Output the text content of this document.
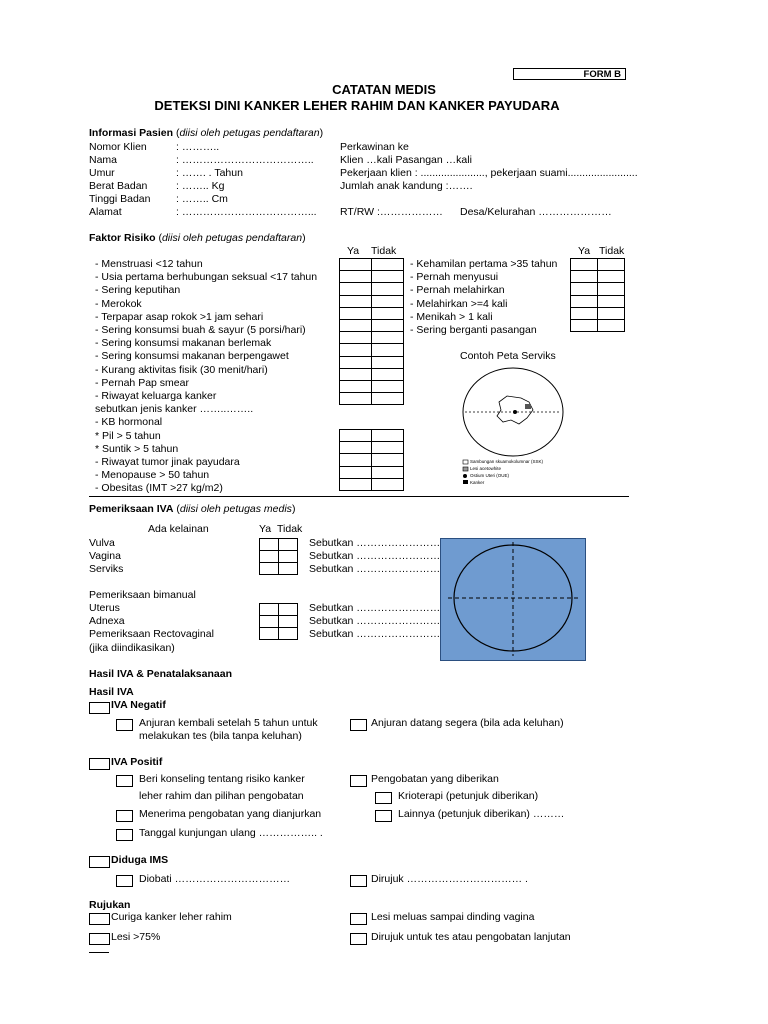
FORM B
CATATAN MEDIS
DETEKSI DINI KANKER LEHER RAHIM DAN KANKER PAYUDARA
Informasi Pasien (diisi oleh petugas pendaftaran)
Nomor Klien	: ………..
Nama	: ………………………………..
Umur	: ……. . Tahun
Berat Badan	: …….. Kg
Tinggi Badan : …….. Cm
Alamat	: ………………………………...
Perkawinan ke
Klien …kali Pasangan …kali
Pekerjaan klien : ......................, pekerjaan suami........................
Jumlah anak kandung :…….
RT/RW :……………… Desa/Kelurahan …………………
Faktor Risiko (diisi oleh petugas pendaftaran)
Ya Tidak	Ya Tidak
- Menstruasi <12 tahun
- Usia pertama berhubungan seksual <17 tahun
- Sering keputihan
- Merokok
- Terpapar asap rokok >1 jam sehari
- Sering konsumsi buah & sayur (5 porsi/hari)
- Sering konsumsi makanan berlemak
- Sering konsumsi makanan berpengawet
- Kurang aktivitas fisik (30 menit/hari)
- Pernah Pap smear
- Riwayat keluarga kanker
sebutkan jenis kanker ……..……..
- KB hormonal
* Pil > 5 tahun
* Suntik > 5 tahun
- Riwayat tumor jinak payudara
- Menopause > 50 tahun
- Obesitas (IMT >27 kg/m2)
- Kehamilan pertama >35 tahun
- Pernah menyusui
- Pernah melahirkan
- Melahirkan >=4 kali
- Menikah > 1 kali
- Sering berganti pasangan

Contoh Peta Serviks
Sambungan skuamokolumnar (SSK)
Lesi acetowhite
Ostium Uteri (OUE)
Kanker
Pemeriksaan IVA (diisi oleh petugas medis)
Ada kelainan	Ya Tidak
Vulva	Sebutkan ……………………
Vagina	Sebutkan ……………………
Serviks	Sebutkan ……………………
Uterus	Sebutkan ……………………
Adnexa	Sebutkan ……………………
Pemeriksaan Rectovaginal	Sebutkan ……………………
Pemeriksaan bimanual
(jika diindikasikan)

Hasil IVA & Penatalaksanaan
Hasil IVA
IVA Negatif
Anjuran kembali setelah 5 tahun untuk
melakukan tes (bila tanpa keluhan)
Anjuran datang segera (bila ada keluhan)
IVA Positif
Beri konseling tentang risiko kanker
leher rahim dan pilihan pengobatan
Menerima pengobatan yang dianjurkan
Tanggal kunjungan ulang …………….. .
Pengobatan yang diberikan
Krioterapi (petunjuk diberikan)
Lainnya (petunjuk diberikan) ………
Diduga IMS
Diobati ……………………………	Dirujuk …………………………… .
Rujukan
Curiga kanker leher rahim	Lesi meluas sampai dinding vagina
Lesi >75%	Dirujuk untuk tes atau pengobatan lanjutan
